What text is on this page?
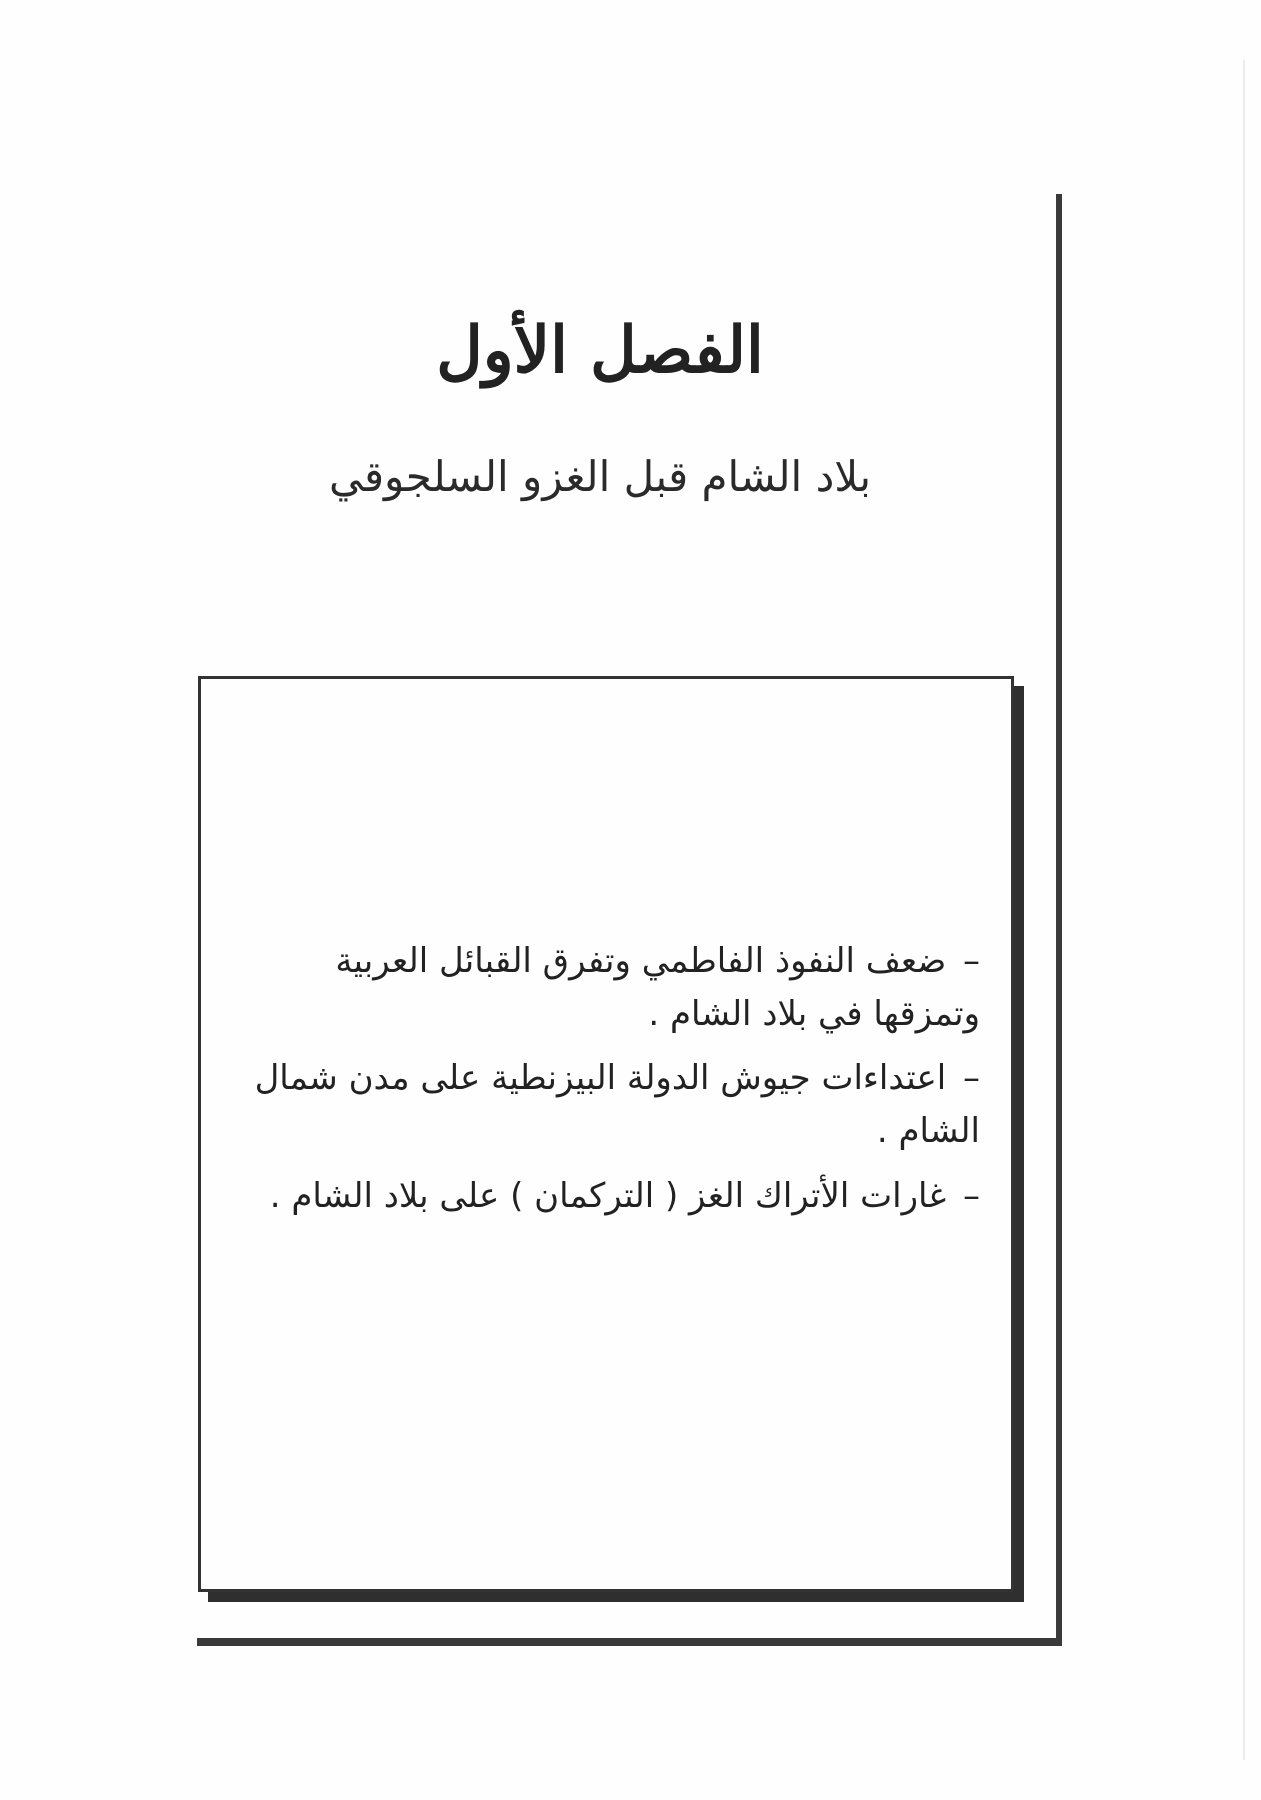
الفصل الأول
بلاد الشام قبل الغزو السلجوقي
– ضعف النفوذ الفاطمي وتفرق القبائل العربية وتمزقها في بلاد الشام .
– اعتداءات جيوش الدولة البيزنطية على مدن شمال الشام .
– غارات الأتراك الغز ( التركمان ) على بلاد الشام .
